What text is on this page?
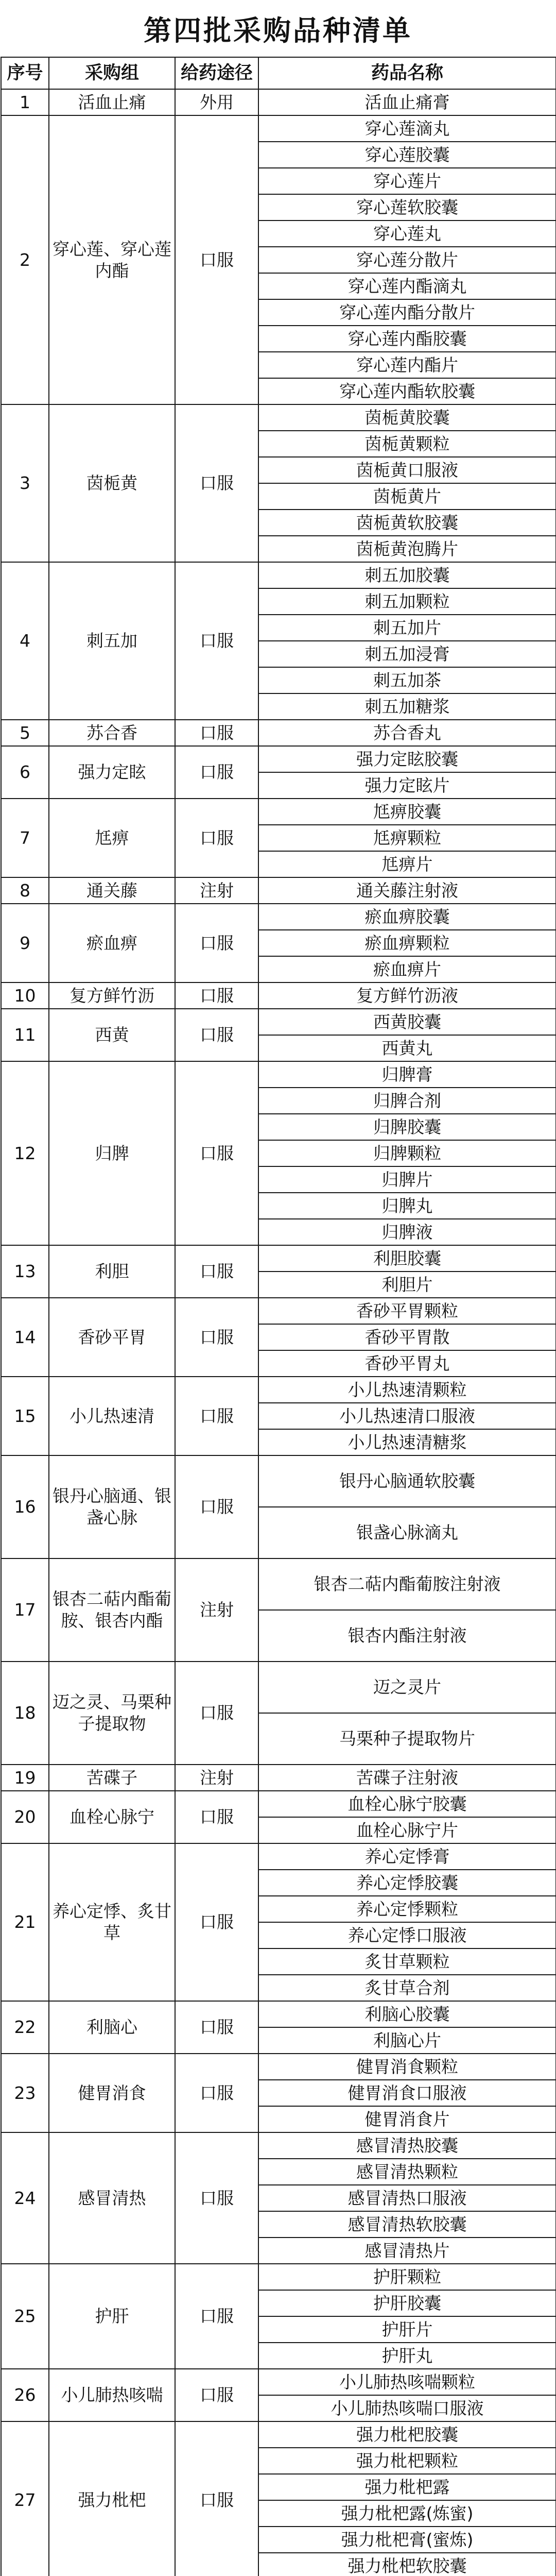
第四批采购品种清单
序号	采购组	给药途径	药品名称
1	活血止痛	外用	活血止痛膏
2	穿心莲、穿心莲内酯	口服	穿心莲滴丸
			穿心莲胶囊
			穿心莲片
			穿心莲软胶囊
			穿心莲丸
			穿心莲分散片
			穿心莲内酯滴丸
			穿心莲内酯分散片
			穿心莲内酯胶囊
			穿心莲内酯片
			穿心莲内酯软胶囊
3	茵栀黄	口服	茵栀黄胶囊
			茵栀黄颗粒
			茵栀黄口服液
			茵栀黄片
			茵栀黄软胶囊
			茵栀黄泡腾片
4	刺五加	口服	刺五加胶囊
			刺五加颗粒
			刺五加片
			刺五加浸膏
			刺五加茶
			刺五加糖浆
5	苏合香	口服	苏合香丸
6	强力定眩	口服	强力定眩胶囊
			强力定眩片
7	尪痹	口服	尪痹胶囊
			尪痹颗粒
			尪痹片
8	通关藤	注射	通关藤注射液
9	瘀血痹	口服	瘀血痹胶囊
			瘀血痹颗粒
			瘀血痹片
10	复方鲜竹沥	口服	复方鲜竹沥液
11	西黄	口服	西黄胶囊
			西黄丸
12	归脾	口服	归脾膏
			归脾合剂
			归脾胶囊
			归脾颗粒
			归脾片
			归脾丸
			归脾液
13	利胆	口服	利胆胶囊
			利胆片
14	香砂平胃	口服	香砂平胃颗粒
			香砂平胃散
			香砂平胃丸
15	小儿热速清	口服	小儿热速清颗粒
			小儿热速清口服液
			小儿热速清糖浆
16	银丹心脑通、银盏心脉	口服	银丹心脑通软胶囊
			银盏心脉滴丸
17	银杏二萜内酯葡胺、银杏内酯	注射	银杏二萜内酯葡胺注射液
			银杏内酯注射液
18	迈之灵、马栗种子提取物	口服	迈之灵片
			马栗种子提取物片
19	苦碟子	注射	苦碟子注射液
20	血栓心脉宁	口服	血栓心脉宁胶囊
			血栓心脉宁片
21	养心定悸、炙甘草	口服	养心定悸膏
			养心定悸胶囊
			养心定悸颗粒
			养心定悸口服液
			炙甘草颗粒
			炙甘草合剂
22	利脑心	口服	利脑心胶囊
			利脑心片
23	健胃消食	口服	健胃消食颗粒
			健胃消食口服液
			健胃消食片
24	感冒清热	口服	感冒清热胶囊
			感冒清热颗粒
			感冒清热口服液
			感冒清热软胶囊
			感冒清热片
25	护肝	口服	护肝颗粒
			护肝胶囊
			护肝片
			护肝丸
26	小儿肺热咳喘	口服	小儿肺热咳喘颗粒
			小儿肺热咳喘口服液
27	强力枇杷	口服	强力枇杷胶囊
			强力枇杷颗粒
			强力枇杷露
			强力枇杷露(炼蜜)
			强力枇杷膏(蜜炼)
			强力枇杷软胶囊
